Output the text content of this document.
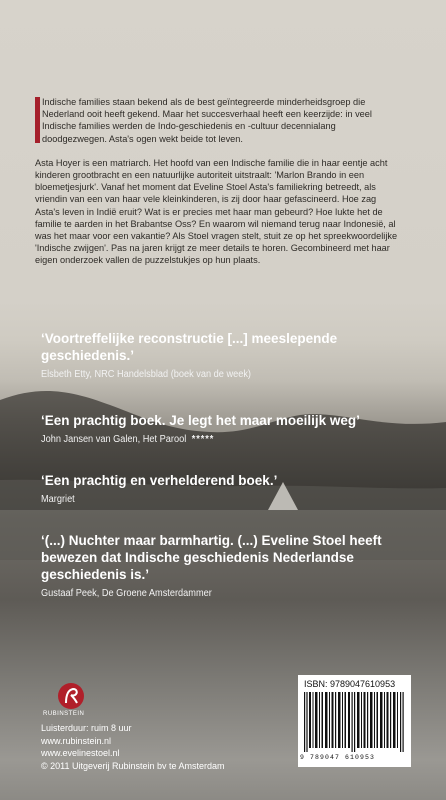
Indische families staan bekend als de best geïntegreerde minderheidsgroep die Nederland ooit heeft gekend. Maar het succesverhaal heeft een keerzijde: in veel Indische families werden de Indo-geschiedenis en -cultuur decennialang doodgezwegen. Asta's ogen wekt beide tot leven.
Asta Hoyer is een matriarch. Het hoofd van een Indische familie die in haar eentje acht kinderen grootbracht en een natuurlijke autoriteit uitstraalt: 'Marlon Brando in een bloemetjesjurk'. Vanaf het moment dat Eveline Stoel Asta's familiekring betreedt, als vriendin van een van haar vele kleinkinderen, is zij door haar gefascineerd. Hoe zag Asta's leven in Indië eruit? Wat is er precies met haar man gebeurd? Hoe lukte het de familie te aarden in het Brabantse Oss? En waarom wil niemand terug naar Indonesië, al was het maar voor een vakantie? Als Stoel vragen stelt, stuit ze op het spreekwoordelijke 'Indische zwijgen'. Pas na jaren krijgt ze meer details te horen. Gecombineerd met haar eigen onderzoek vallen de puzzelstukjes op hun plaats.
‘Voortreffelijke reconstructie [...] meeslepende geschiedenis.’
Elsbeth Etty, NRC Handelsblad (boek van de week)
‘Een prachtig boek. Je legt het maar moeilijk weg’
John Jansen van Galen, Het Parool *****
‘Een prachtig en verhelderend boek.’
Margriet
‘(...) Nuchter maar barmhartig. (...) Eveline Stoel heeft bewezen dat Indische geschiedenis Nederlandse geschiedenis is.’
Gustaaf Peek, De Groene Amsterdammer
RUBINSTEIN
Luisterduur: ruim 8 uur
www.rubinstein.nl
www.evelinestoel.nl
© 2011 Uitgeverij Rubinstein bv te Amsterdam
ISBN: 9789047610953
9 789047 610953
